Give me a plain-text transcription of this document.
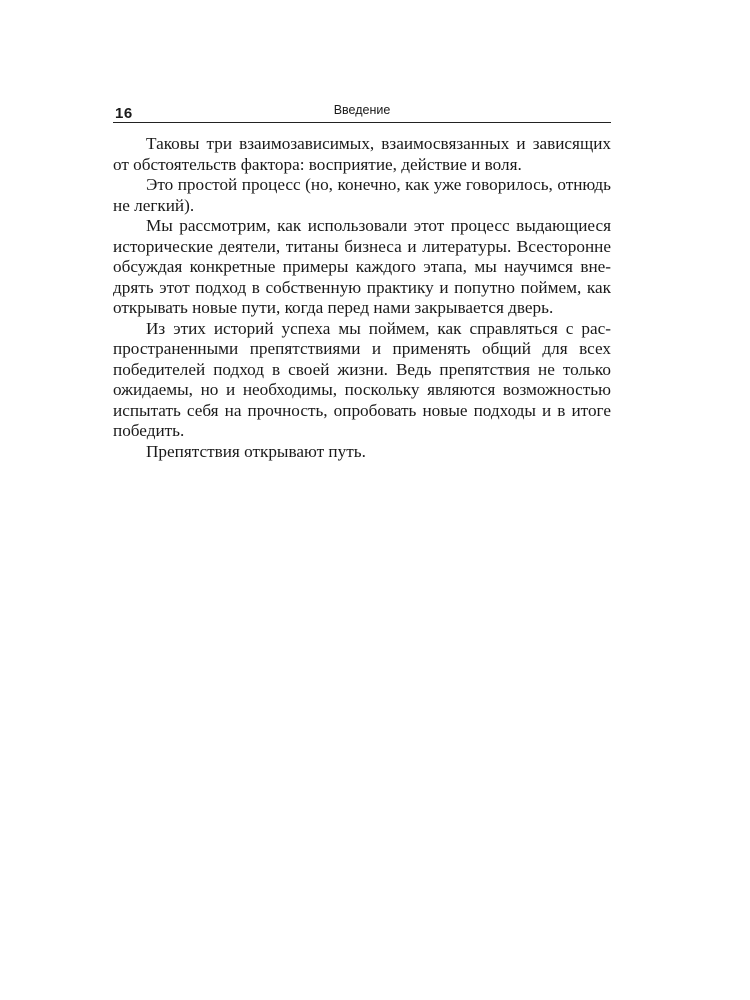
16	Введение

Таковы три взаимозависимых, взаимосвязанных и зависящих от обстоятельств фактора: восприятие, действие и воля.

Это простой процесс (но, конечно, как уже говорилось, отнюдь не легкий).

Мы рассмотрим, как использовали этот процесс выдающиеся исторические деятели, титаны бизнеса и литературы. Всесторонне обсуждая конкретные примеры каждого этапа, мы научимся внедрять этот подход в собственную практику и попутно поймем, как открывать новые пути, когда перед нами закрывается дверь.

Из этих историй успеха мы поймем, как справляться с распространенными препятствиями и применять общий для всех победителей подход в своей жизни. Ведь препятствия не только ожидаемы, но и необходимы, поскольку являются возможностью испытать себя на прочность, опробовать новые подходы и в итоге победить.

Препятствия открывают путь.
